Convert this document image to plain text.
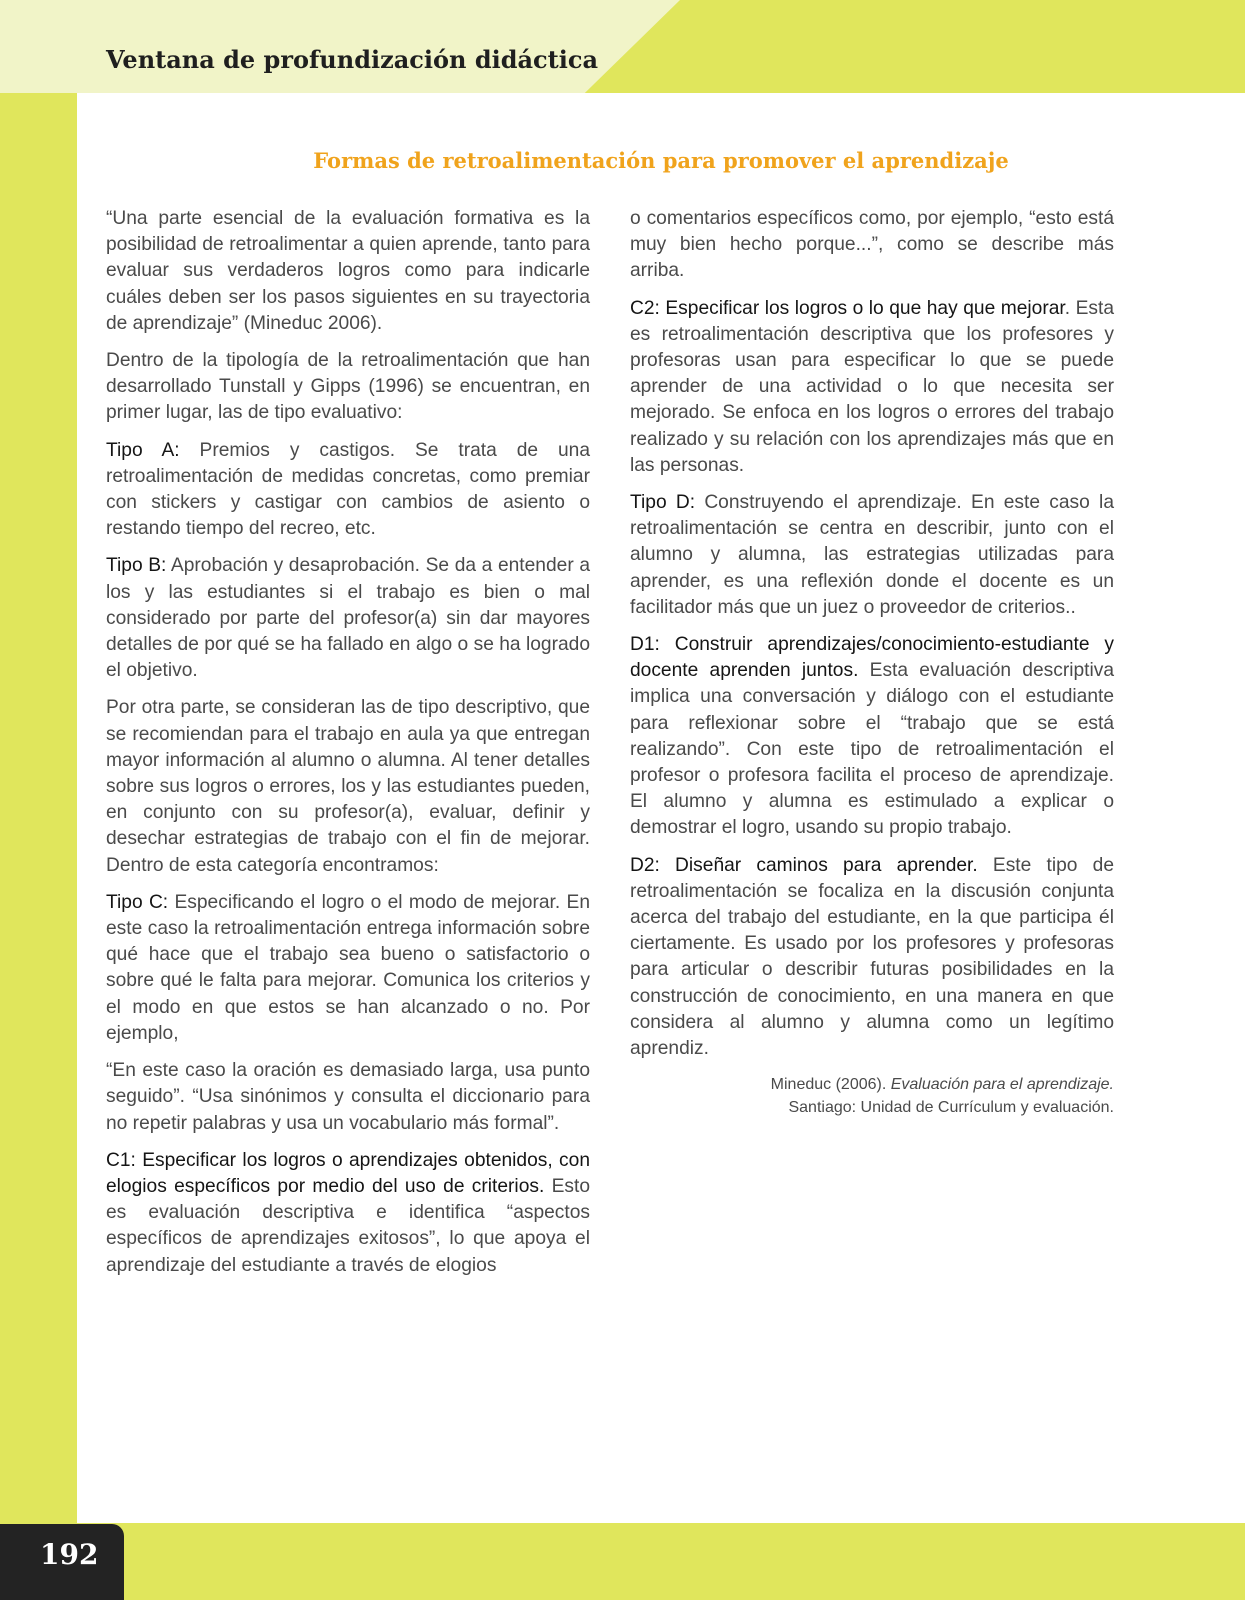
Ventana de profundización didáctica
Formas de retroalimentación para promover el aprendizaje

“Una parte esencial de la evaluación formativa es la posibilidad de retroalimentar a quien aprende, tanto para evaluar sus verdaderos logros como para indicarle cuáles deben ser los pasos siguientes en su trayectoria de aprendizaje” (Mineduc 2006).

Dentro de la tipología de la retroalimentación que han desarrollado Tunstall y Gipps (1996) se encuentran, en primer lugar, las de tipo evaluativo:

Tipo A: Premios y castigos. Se trata de una retroalimentación de medidas concretas, como premiar con stickers y castigar con cambios de asiento o restando tiempo del recreo, etc.

Tipo B: Aprobación y desaprobación. Se da a entender a los y las estudiantes si el trabajo es bien o mal considerado por parte del profesor(a) sin dar mayores detalles de por qué se ha fallado en algo o se ha logrado el objetivo.

Por otra parte, se consideran las de tipo descriptivo, que se recomiendan para el trabajo en aula ya que entregan mayor información al alumno o alumna. Al tener detalles sobre sus logros o errores, los y las estudiantes pueden, en conjunto con su profesor(a), evaluar, definir y desechar estrategias de trabajo con el fin de mejorar. Dentro de esta categoría encontramos:

Tipo C: Especificando el logro o el modo de mejorar. En este caso la retroalimentación entrega información sobre qué hace que el trabajo sea bueno o satisfactorio o sobre qué le falta para mejorar. Comunica los criterios y el modo en que estos se han alcanzado o no. Por ejemplo,

“En este caso la oración es demasiado larga, usa punto seguido”. “Usa sinónimos y consulta el diccionario para no repetir palabras y usa un vocabulario más formal”.

C1: Especificar los logros o aprendizajes obtenidos, con elogios específicos por medio del uso de criterios. Esto es evaluación descriptiva e identifica “aspectos específicos de aprendizajes exitosos”, lo que apoya el aprendizaje del estudiante a través de elogios

o comentarios específicos como, por ejemplo, “esto está muy bien hecho porque...”, como se describe más arriba.

C2: Especificar los logros o lo que hay que mejorar. Esta es retroalimentación descriptiva que los profesores y profesoras usan para especificar lo que se puede aprender de una actividad o lo que necesita ser mejorado. Se enfoca en los logros o errores del trabajo realizado y su relación con los aprendizajes más que en las personas.

Tipo D: Construyendo el aprendizaje. En este caso la retroalimentación se centra en describir, junto con el alumno y alumna, las estrategias utilizadas para aprender, es una reflexión donde el docente es un facilitador más que un juez o proveedor de criterios..

D1: Construir aprendizajes/conocimiento-estudiante y docente aprenden juntos. Esta evaluación descriptiva implica una conversación y diálogo con el estudiante para reflexionar sobre el “trabajo que se está realizando”. Con este tipo de retroalimentación el profesor o profesora facilita el proceso de aprendizaje. El alumno y alumna es estimulado a explicar o demostrar el logro, usando su propio trabajo.

D2: Diseñar caminos para aprender. Este tipo de retroalimentación se focaliza en la discusión conjunta acerca del trabajo del estudiante, en la que participa él ciertamente. Es usado por los profesores y profesoras para articular o describir futuras posibilidades en la construcción de conocimiento, en una manera en que considera al alumno y alumna como un legítimo aprendiz.

Mineduc (2006). Evaluación para el aprendizaje.
Santiago: Unidad de Currículum y evaluación.
192
